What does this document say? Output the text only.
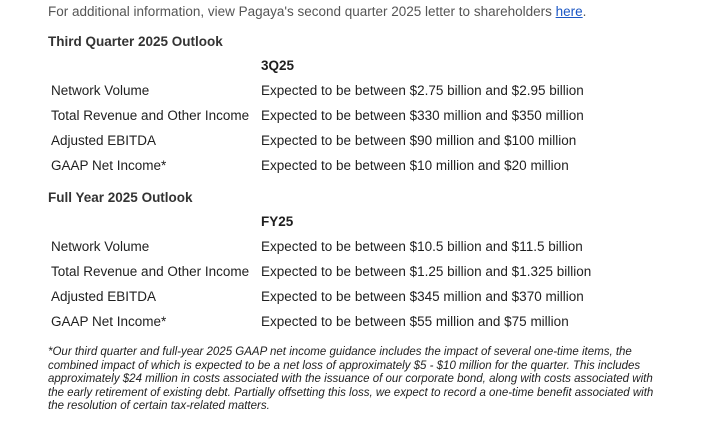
For additional information, view Pagaya's second quarter 2025 letter to shareholders here.
Third Quarter 2025 Outlook
3Q25
Network Volume	Expected to be between $2.75 billion and $2.95 billion
Total Revenue and Other Income Expected to be between $330 million and $350 million
Adjusted EBITDA	Expected to be between $90 million and $100 million
GAAP Net Income*	Expected to be between $10 million and $20 million
Full Year 2025 Outlook
FY25
Network Volume	Expected to be between $10.5 billion and $11.5 billion
Total Revenue and Other Income Expected to be between $1.25 billion and $1.325 billion
Adjusted EBITDA	Expected to be between $345 million and $370 million
GAAP Net Income*	Expected to be between $55 million and $75 million
*Our third quarter and full-year 2025 GAAP net income guidance includes the impact of several one-time items, the combined impact of which is expected to be a net loss of approximately $5 - $10 million for the quarter. This includes approximately $24 million in costs associated with the issuance of our corporate bond, along with costs associated with the early retirement of existing debt. Partially offsetting this loss, we expect to record a one-time benefit associated with the resolution of certain tax-related matters.
